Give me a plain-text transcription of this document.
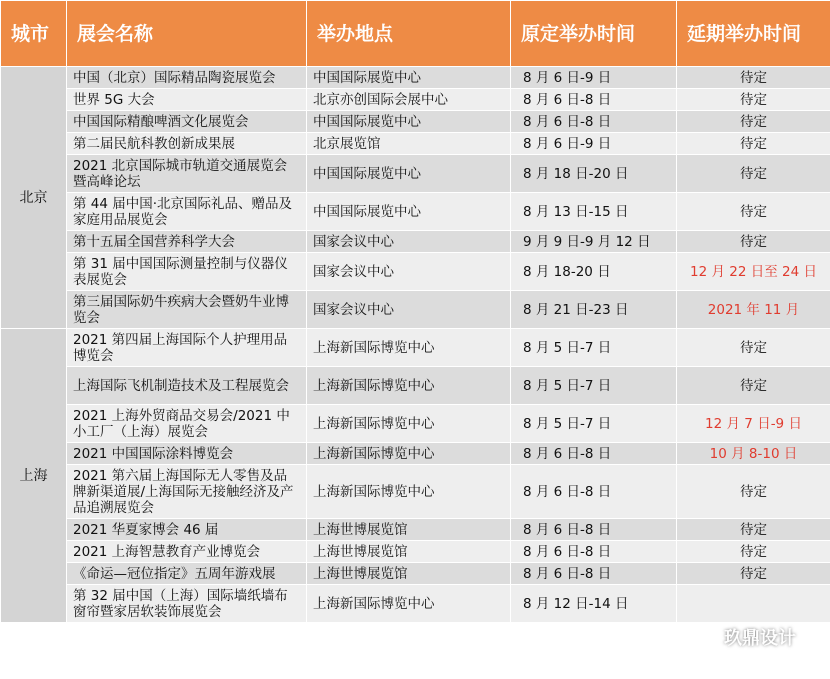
城市	展会名称	举办地点	原定举办时间	延期举办时间
北京	中国（北京）国际精品陶瓷展览会	中国国际展览中心	8 月 6 日-9 日	待定
	世界 5G 大会	北京亦创国际会展中心	8 月 6 日-8 日	待定
	中国国际精酿啤酒文化展览会	中国国际展览中心	8 月 6 日-8 日	待定
	第二届民航科教创新成果展	北京展览馆	8 月 6 日-9 日	待定
	2021 北京国际城市轨道交通展览会暨高峰论坛	中国国际展览中心	8 月 18 日-20 日	待定
	第 44 届中国·北京国际礼品、赠品及家庭用品展览会	中国国际展览中心	8 月 13 日-15 日	待定
	第十五届全国营养科学大会	国家会议中心	9 月 9 日-9 月 12 日	待定
	第 31 届中国国际测量控制与仪器仪表展览会	国家会议中心	8 月 18-20 日	12 月 22 日至 24 日
	第三届国际奶牛疾病大会暨奶牛业博览会	国家会议中心	8 月 21 日-23 日	2021 年 11 月
上海	2021 第四届上海国际个人护理用品博览会	上海新国际博览中心	8 月 5 日-7 日	待定
	上海国际飞机制造技术及工程展览会	上海新国际博览中心	8 月 5 日-7 日	待定
	2021 上海外贸商品交易会/2021 中小工厂（上海）展览会	上海新国际博览中心	8 月 5 日-7 日	12 月 7 日-9 日
	2021 中国国际涂料博览会	上海新国际博览中心	8 月 6 日-8 日	10 月 8-10 日
	2021 第六届上海国际无人零售及品牌新渠道展/上海国际无接触经济及产品追溯展览会	上海新国际博览中心	8 月 6 日-8 日	待定
	2021 华夏家博会 46 届	上海世博展览馆	8 月 6 日-8 日	待定
	2021 上海智慧教育产业博览会	上海世博展览馆	8 月 6 日-8 日	待定
	《命运—冠位指定》五周年游戏展	上海世博展览馆	8 月 6 日-8 日	待定
	第 32 届中国（上海）国际墙纸墙布窗帘暨家居软装饰展览会	上海新国际博览中心	8 月 12 日-14 日	
玖鼎设计
